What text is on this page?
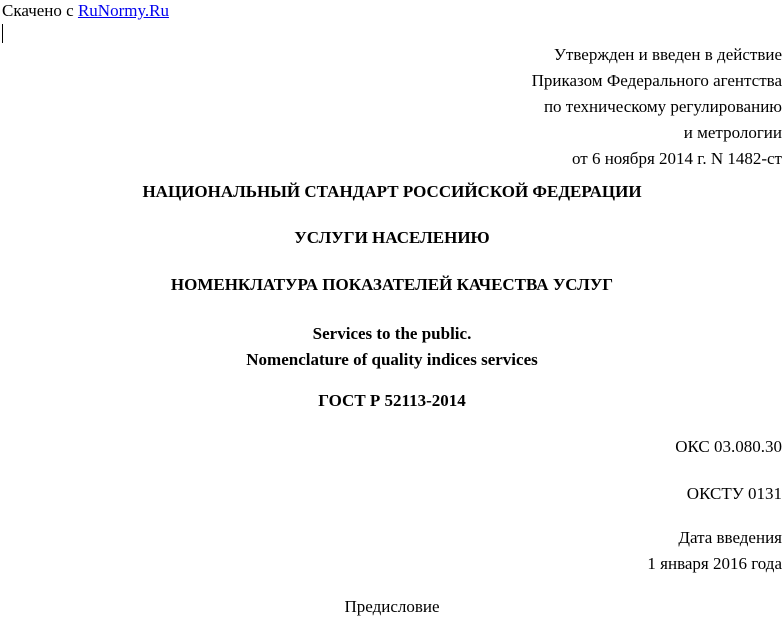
Скачено с RuNormy.Ru
Утвержден и введен в действие
Приказом Федерального агентства
по техническому регулированию
и метрологии
от 6 ноября 2014 г. N 1482-ст
НАЦИОНАЛЬНЫЙ СТАНДАРТ РОССИЙСКОЙ ФЕДЕРАЦИИ
УСЛУГИ НАСЕЛЕНИЮ
НОМЕНКЛАТУРА ПОКАЗАТЕЛЕЙ КАЧЕСТВА УСЛУГ
Services to the public.
Nomenclature of quality indices services
ГОСТ Р 52113-2014
ОКС 03.080.30
ОКСТУ 0131
Дата введения
1 января 2016 года
Предисловие
